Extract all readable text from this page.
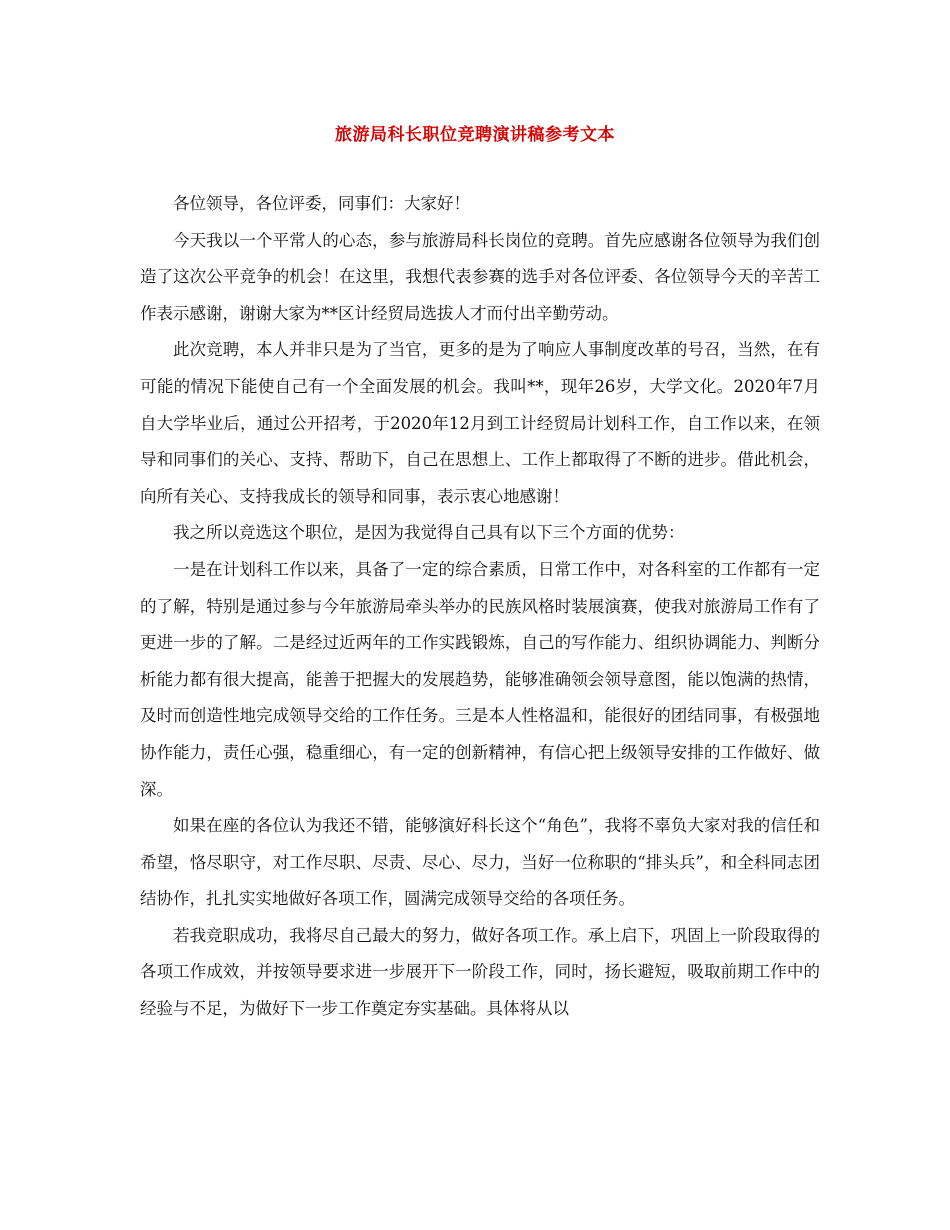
旅游局科长职位竞聘演讲稿参考文本

各位领导，各位评委，同事们：大家好！

今天我以一个平常人的心态，参与旅游局科长岗位的竞聘。首先应感谢各位领导为我们创造了这次公平竞争的机会！在这里，我想代表参赛的选手对各位评委、各位领导今天的辛苦工作表示感谢，谢谢大家为**区计经贸局选拔人才而付出辛勤劳动。

此次竞聘，本人并非只是为了当官，更多的是为了响应人事制度改革的号召，当然，在有可能的情况下能使自己有一个全面发展的机会。我叫**，现年26岁，大学文化。2020年7月自大学毕业后，通过公开招考，于2020年12月到工计经贸局计划科工作，自工作以来，在领导和同事们的关心、支持、帮助下，自己在思想上、工作上都取得了不断的进步。借此机会，向所有关心、支持我成长的领导和同事，表示衷心地感谢！

我之所以竞选这个职位，是因为我觉得自己具有以下三个方面的优势：

一是在计划科工作以来，具备了一定的综合素质，日常工作中，对各科室的工作都有一定的了解，特别是通过参与今年旅游局牵头举办的民族风格时装展演赛，使我对旅游局工作有了更进一步的了解。二是经过近两年的工作实践锻炼，自己的写作能力、组织协调能力、判断分析能力都有很大提高，能善于把握大的发展趋势，能够准确领会领导意图，能以饱满的热情，及时而创造性地完成领导交给的工作任务。三是本人性格温和，能很好的团结同事，有极强地协作能力，责任心强，稳重细心，有一定的创新精神，有信心把上级领导安排的工作做好、做深。

如果在座的各位认为我还不错，能够演好科长这个“角色”，我将不辜负大家对我的信任和希望，恪尽职守，对工作尽职、尽责、尽心、尽力，当好一位称职的“排头兵”，和全科同志团结协作，扎扎实实地做好各项工作，圆满完成领导交给的各项任务。

若我竞职成功，我将尽自己最大的努力，做好各项工作。承上启下，巩固上一阶段取得的各项工作成效，并按领导要求进一步展开下一阶段工作，同时，扬长避短，吸取前期工作中的经验与不足，为做好下一步工作奠定夯实基础。具体将从以
